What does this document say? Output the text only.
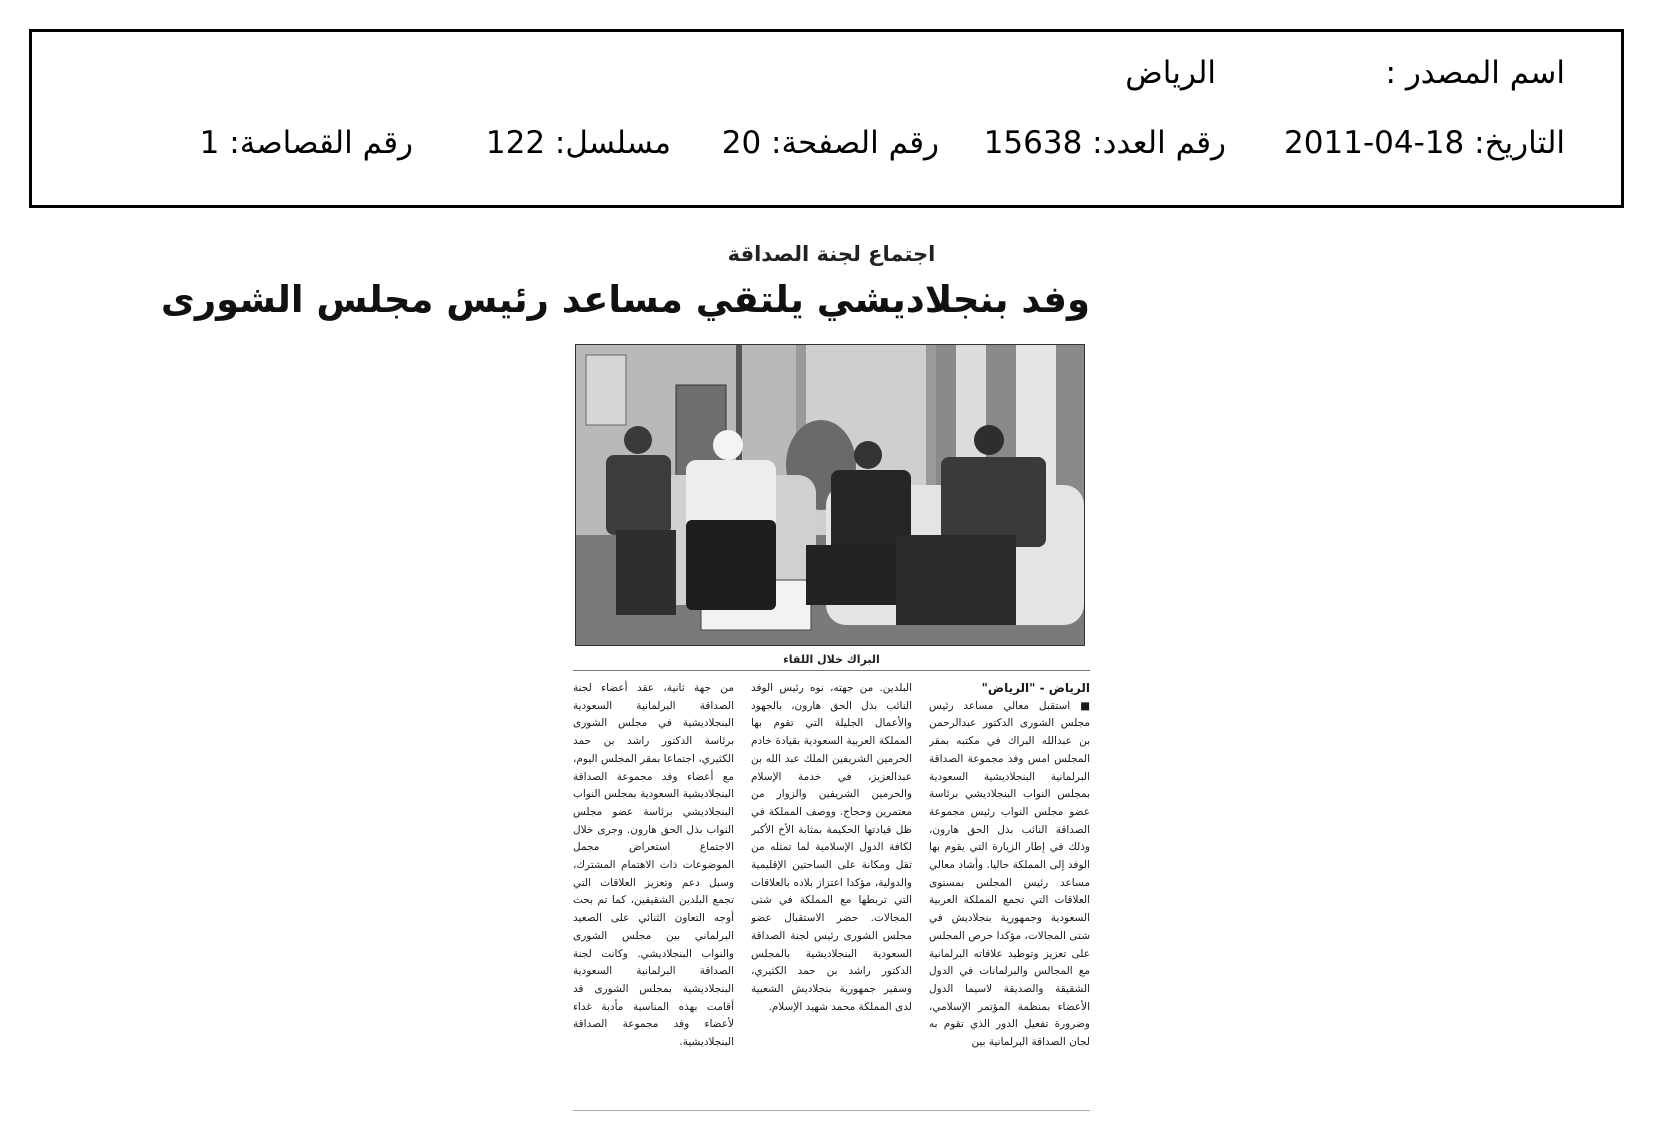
اسم المصدر :
الرياض
التاريخ: 18-04-2011
رقم العدد: 15638
رقم الصفحة: 20
مسلسل: 122
رقم القصاصة: 1
اجتماع لجنة الصداقة
وفد بنجلاديشي يلتقي مساعد رئيس مجلس الشورى
البراك خلال اللقاء
الرياض - "الرياض"

■ استقبل معالي مساعد رئيس مجلس الشورى الدكتور عبدالرحمن بن عبدالله البراك في مكتبه بمقر المجلس امس وفد مجموعة الصداقة البرلمانية البنجلاديشية السعودية بمجلس النواب البنجلاديشي برئاسة عضو مجلس النواب رئيس مجموعة الصداقة النائب بذل الحق هارون، وذلك في إطار الزيارة التي يقوم بها الوفد إلى المملكة حاليا. وأشاد معالي مساعد رئيس المجلس بمستوى العلاقات التي تجمع المملكة العربية السعودية وجمهورية بنجلاديش في شتى المجالات، مؤكدا حرص المجلس على تعزيز وتوطيد علاقاته البرلمانية مع المجالس والبرلمانات في الدول الشقيقة والصديقة لاسيما الدول الأعضاء بمنظمة المؤتمر الإسلامي، وضرورة تفعيل الدور الذي تقوم به لجان الصداقة البرلمانية بين

البلدين. من جهته، نوه رئيس الوفد النائب بذل الحق هارون، بالجهود والأعمال الجليلة التي تقوم بها المملكة العربية السعودية بقيادة خادم الحرمين الشريفين الملك عبد الله بن عبدالعزيز، في خدمة الإسلام والحرمين الشريفين والزوار من معتمرين وحجاج. ووصف المملكة في ظل قيادتها الحكيمة بمثابة الأخ الأكبر لكافة الدول الإسلامية لما تمثله من ثقل ومكانة على الساحتين الإقليمية والدولية، مؤكدا اعتزاز بلاده بالعلاقات التي تربطها مع المملكة في شتى المجالات. حضر الاستقبال عضو مجلس الشورى رئيس لجنة الصداقة السعودية البنجلاديشية بالمجلس الدكتور راشد بن حمد الكثيري، وسفير جمهورية بنجلاديش الشعبية لدى المملكة محمد شهيد الإسلام.

من جهة ثانية، عقد أعضاء لجنة الصداقة البرلمانية السعودية البنجلاديشية في مجلس الشورى برئاسة الدكتور راشد بن حمد الكثيري، اجتماعا بمقر المجلس اليوم، مع أعضاء وفد مجموعة الصداقة البنجلاديشية السعودية بمجلس النواب البنجلاديشي برئاسة عضو مجلس النواب بذل الحق هارون. وجرى خلال الاجتماع استعراض مجمل الموضوعات ذات الاهتمام المشترك، وسبل دعم وتعزيز العلاقات التي تجمع البلدين الشقيقين، كما تم بحث أوجه التعاون الثنائي على الصعيد البرلماني بين مجلس الشورى والنواب البنجلاديشي. وكانت لجنة الصداقة البرلمانية السعودية البنجلاديشية بمجلس الشورى قد أقامت بهذه المناسبة مأدبة غداء لأعضاء وفد مجموعة الصداقة البنجلاديشية.
